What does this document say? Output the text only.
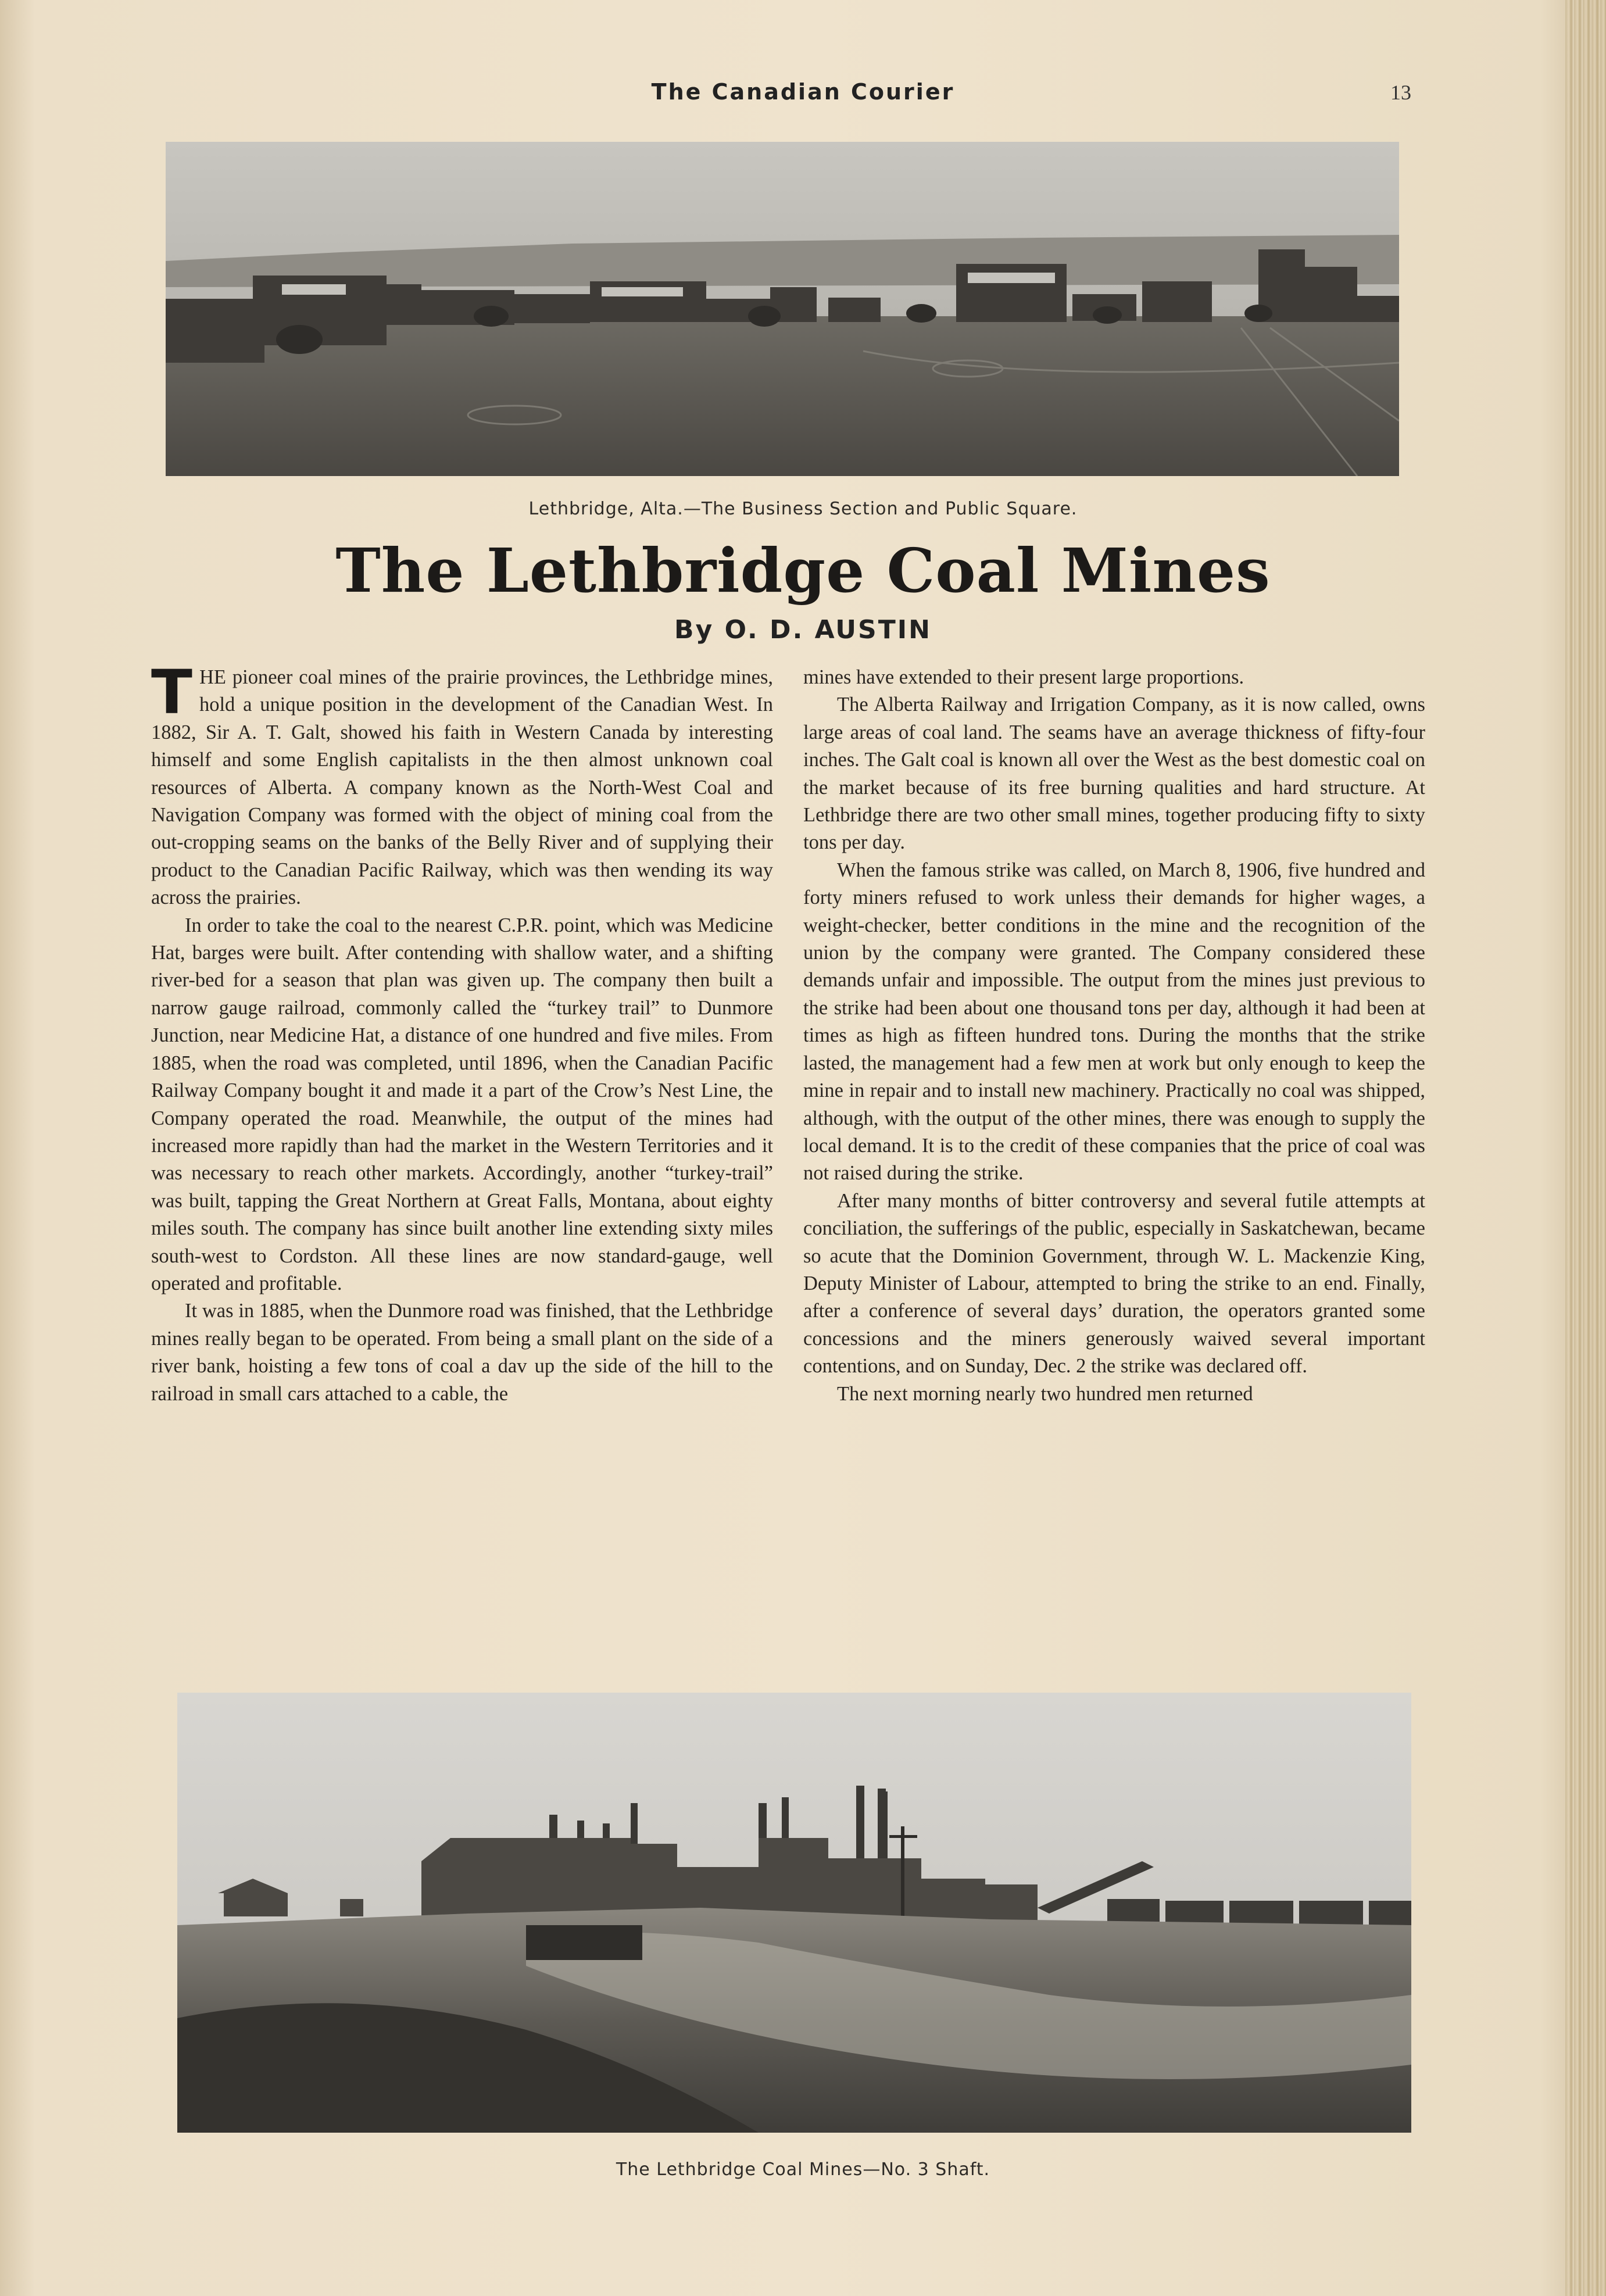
The Canadian Courier	13
Lethbridge, Alta.—The Business Section and Public Square.
The Lethbridge Coal Mines
By O. D. AUSTIN

THE pioneer coal mines of the prairie provinces, the Lethbridge mines, hold a unique position in the development of the Canadian West. In 1882, Sir A. T. Galt, showed his faith in Western Canada by interesting himself and some English capitalists in the then almost unknown coal resources of Alberta. A company known as the North-West Coal and Navigation Company was formed with the object of mining coal from the out-cropping seams on the banks of the Belly River and of supplying their product to the Canadian Pacific Railway, which was then wending its way across the prairies.

In order to take the coal to the nearest C.P.R. point, which was Medicine Hat, barges were built. After contending with shallow water, and a shifting river-bed for a season that plan was given up. The company then built a narrow gauge railroad, commonly called the “turkey trail” to Dunmore Junction, near Medicine Hat, a distance of one hundred and five miles. From 1885, when the road was completed, until 1896, when the Canadian Pacific Railway Company bought it and made it a part of the Crow’s Nest Line, the Company operated the road. Meanwhile, the output of the mines had increased more rapidly than had the market in the Western Territories and it was necessary to reach other markets. Accordingly, another “turkey-trail” was built, tapping the Great Northern at Great Falls, Montana, about eighty miles south. The company has since built another line extending sixty miles south-west to Cordston. All these lines are now standard-gauge, well operated and profitable.

It was in 1885, when the Dunmore road was finished, that the Lethbridge mines really began to be operated. From being a small plant on the side of a river bank, hoisting a few tons of coal a dav up the side of the hill to the railroad in small cars attached to a cable, the

mines have extended to their present large proportions.

The Alberta Railway and Irrigation Company, as it is now called, owns large areas of coal land. The seams have an average thickness of fifty-four inches. The Galt coal is known all over the West as the best domestic coal on the market because of its free burning qualities and hard structure. At Lethbridge there are two other small mines, together producing fifty to sixty tons per day.

When the famous strike was called, on March 8, 1906, five hundred and forty miners refused to work unless their demands for higher wages, a weight-checker, better conditions in the mine and the recognition of the union by the company were granted. The Company considered these demands unfair and impossible. The output from the mines just previous to the strike had been about one thousand tons per day, although it had been at times as high as fifteen hundred tons. During the months that the strike lasted, the management had a few men at work but only enough to keep the mine in repair and to install new machinery. Practically no coal was shipped, although, with the output of the other mines, there was enough to supply the local demand. It is to the credit of these companies that the price of coal was not raised during the strike.

After many months of bitter controversy and several futile attempts at conciliation, the sufferings of the public, especially in Saskatchewan, became so acute that the Dominion Government, through W. L. Mackenzie King, Deputy Minister of Labour, attempted to bring the strike to an end. Finally, after a conference of several days’ duration, the operators granted some concessions and the miners generously waived several important contentions, and on Sunday, Dec. 2 the strike was declared off.

The next morning nearly two hundred men returned

The Lethbridge Coal Mines—No. 3 Shaft.
